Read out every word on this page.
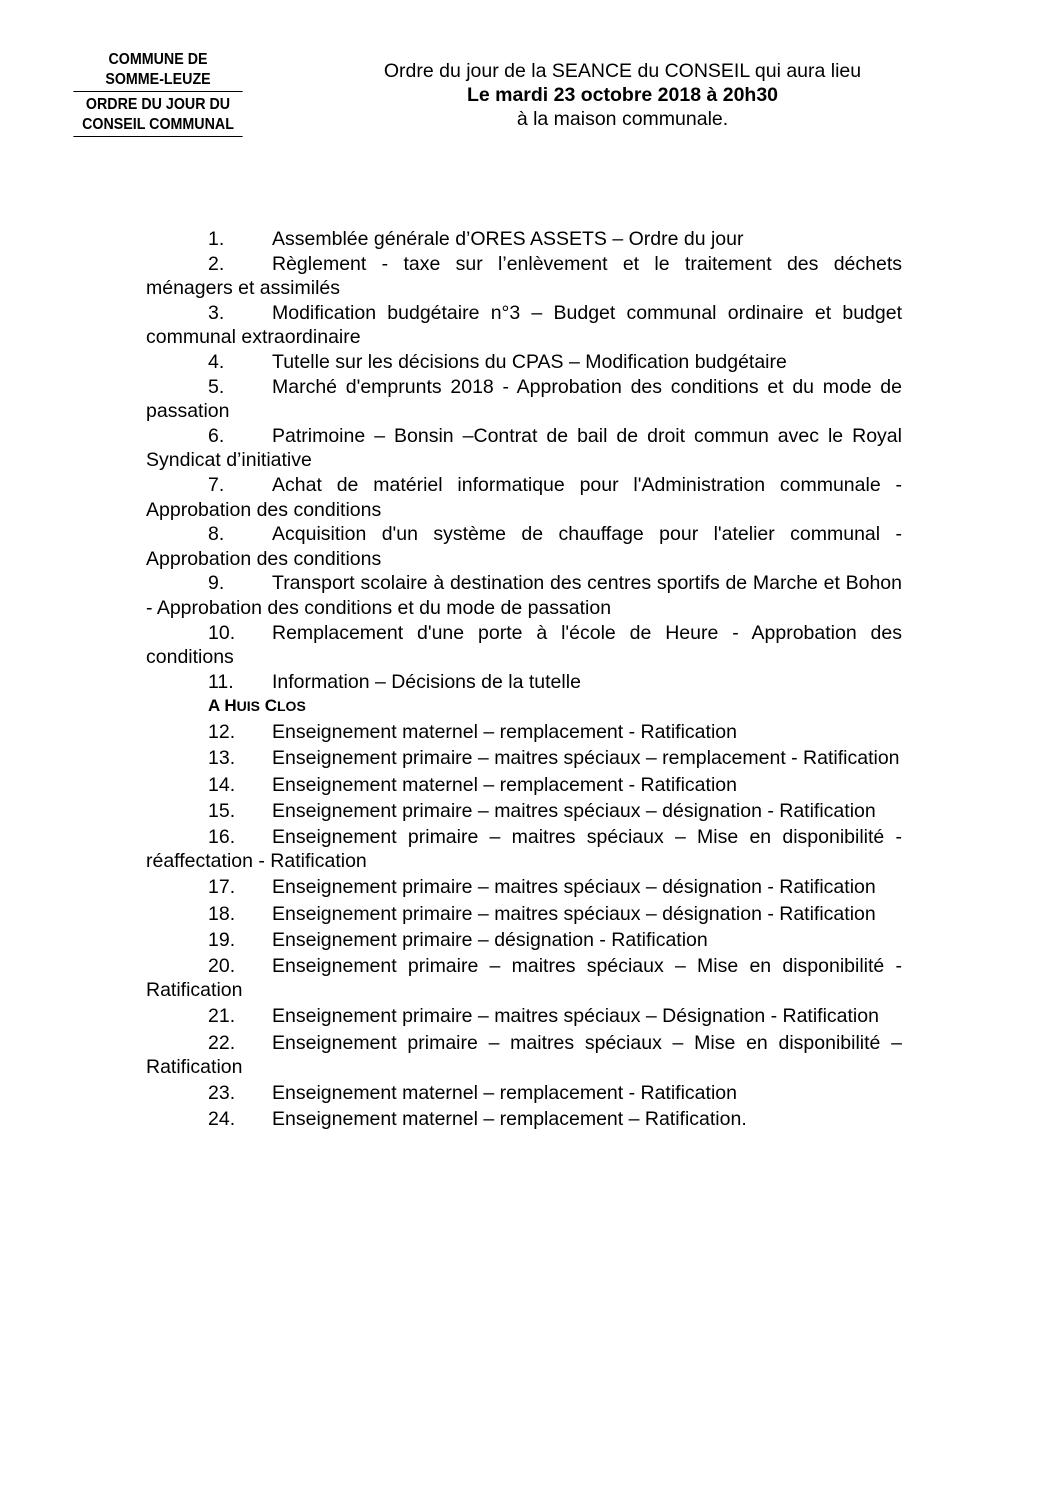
COMMUNE DE
SOMME-LEUZE
ORDRE DU JOUR DU
CONSEIL COMMUNAL
Ordre du jour de la SEANCE du CONSEIL qui aura lieu
Le mardi 23 octobre 2018 à 20h30
à la maison communale.
1. Assemblée générale d’ORES ASSETS – Ordre du jour
2. Règlement - taxe sur l’enlèvement et le traitement des déchets ménagers et assimilés
3. Modification budgétaire n°3 – Budget communal ordinaire et budget communal extraordinaire
4. Tutelle sur les décisions du CPAS – Modification budgétaire
5. Marché d'emprunts 2018 - Approbation des conditions et du mode de passation
6. Patrimoine – Bonsin –Contrat de bail de droit commun avec le Royal Syndicat d’initiative
7. Achat de matériel informatique pour l'Administration communale - Approbation des conditions
8. Acquisition d'un système de chauffage pour l'atelier communal - Approbation des conditions
9. Transport scolaire à destination des centres sportifs de Marche et Bohon - Approbation des conditions et du mode de passation
10. Remplacement d'une porte à l'école de Heure - Approbation des conditions
11. Information – Décisions de la tutelle
A HUIS CLOS
12. Enseignement maternel – remplacement - Ratification
13. Enseignement primaire – maitres spéciaux – remplacement - Ratification
14. Enseignement maternel – remplacement - Ratification
15. Enseignement primaire – maitres spéciaux – désignation - Ratification
16. Enseignement primaire – maitres spéciaux – Mise en disponibilité - réaffectation - Ratification
17. Enseignement primaire – maitres spéciaux – désignation - Ratification
18. Enseignement primaire – maitres spéciaux – désignation - Ratification
19. Enseignement primaire – désignation - Ratification
20. Enseignement primaire – maitres spéciaux – Mise en disponibilité - Ratification
21. Enseignement primaire – maitres spéciaux – Désignation - Ratification
22. Enseignement primaire – maitres spéciaux – Mise en disponibilité – Ratification
23. Enseignement maternel – remplacement - Ratification
24. Enseignement maternel – remplacement – Ratification.
